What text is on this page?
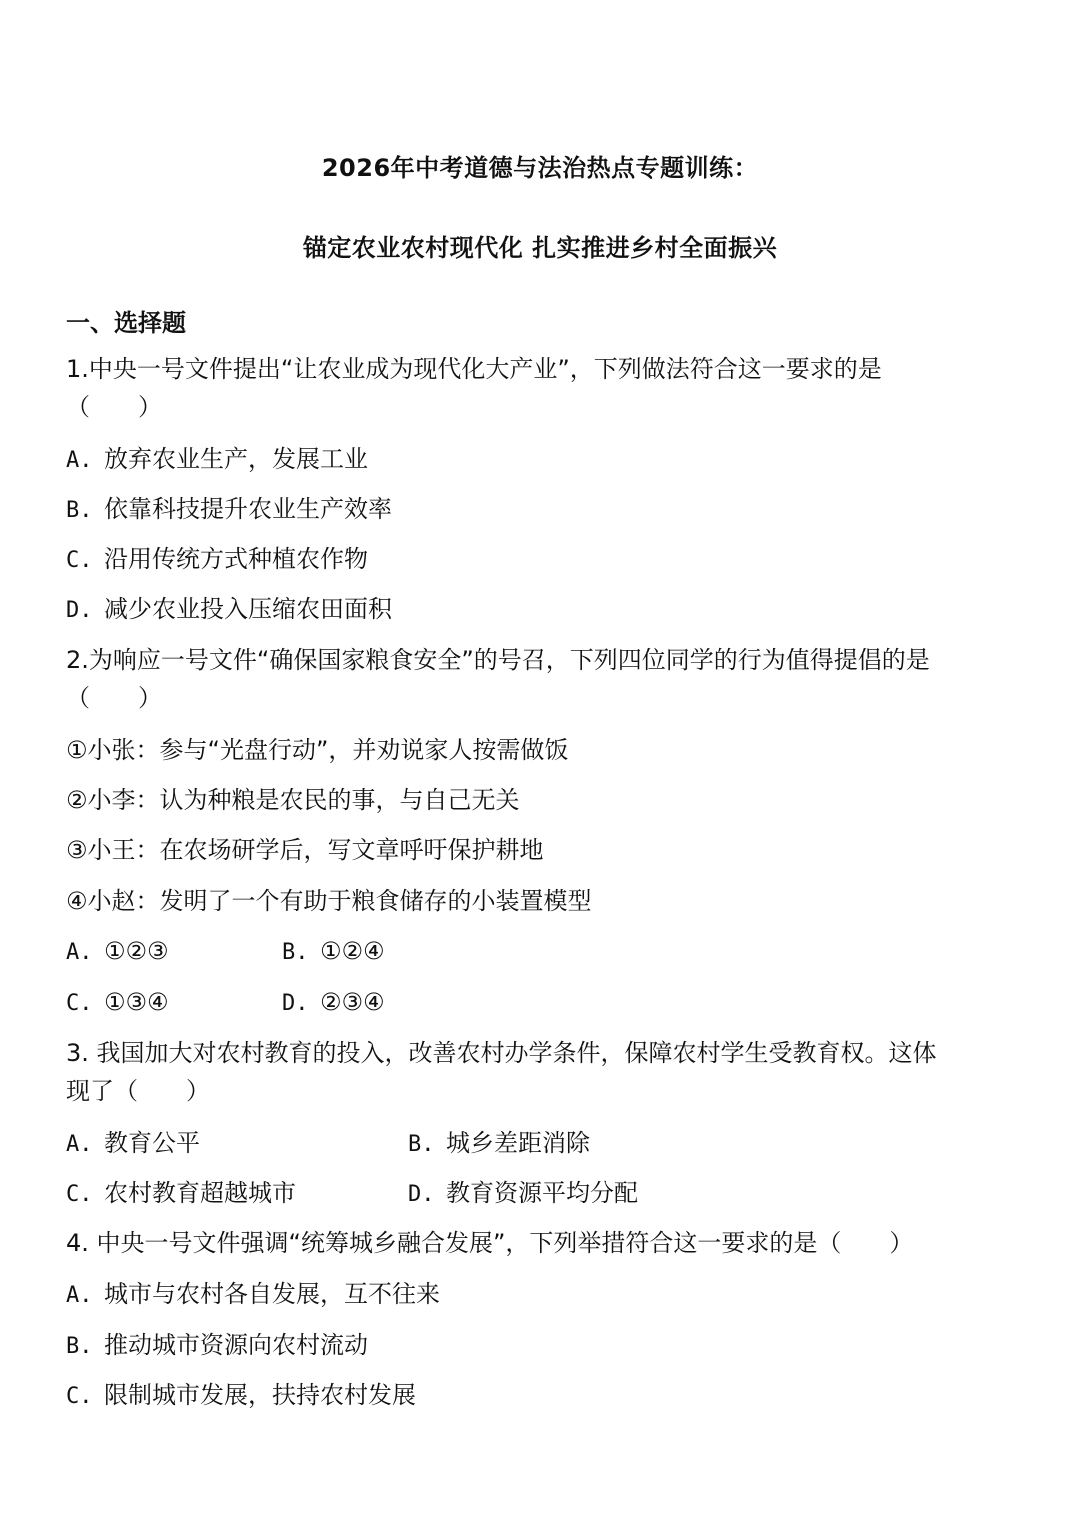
2026年中考道德与法治热点专题训练：
锚定农业农村现代化 扎实推进乡村全面振兴
一、选择题
1.中央一号文件提出“让农业成为现代化大产业”，下列做法符合这一要求的是
（　　）
A. 放弃农业生产，发展工业
B. 依靠科技提升农业生产效率
C. 沿用传统方式种植农作物
D. 减少农业投入压缩农田面积
2.为响应一号文件“确保国家粮食安全”的号召，下列四位同学的行为值得提倡的是
（　　）
①小张：参与“光盘行动”，并劝说家人按需做饭
②小李：认为种粮是农民的事，与自己无关
③小王：在农场研学后，写文章呼吁保护耕地
④小赵：发明了一个有助于粮食储存的小装置模型
A. ①②③	B. ①②④
C. ①③④	D. ②③④
3. 我国加大对农村教育的投入，改善农村办学条件，保障农村学生受教育权。这体
现了（　　）
A. 教育公平	B. 城乡差距消除
C. 农村教育超越城市	D. 教育资源平均分配
4. 中央一号文件强调“统筹城乡融合发展”，下列举措符合这一要求的是（　　）
A. 城市与农村各自发展，互不往来
B. 推动城市资源向农村流动
C. 限制城市发展，扶持农村发展
